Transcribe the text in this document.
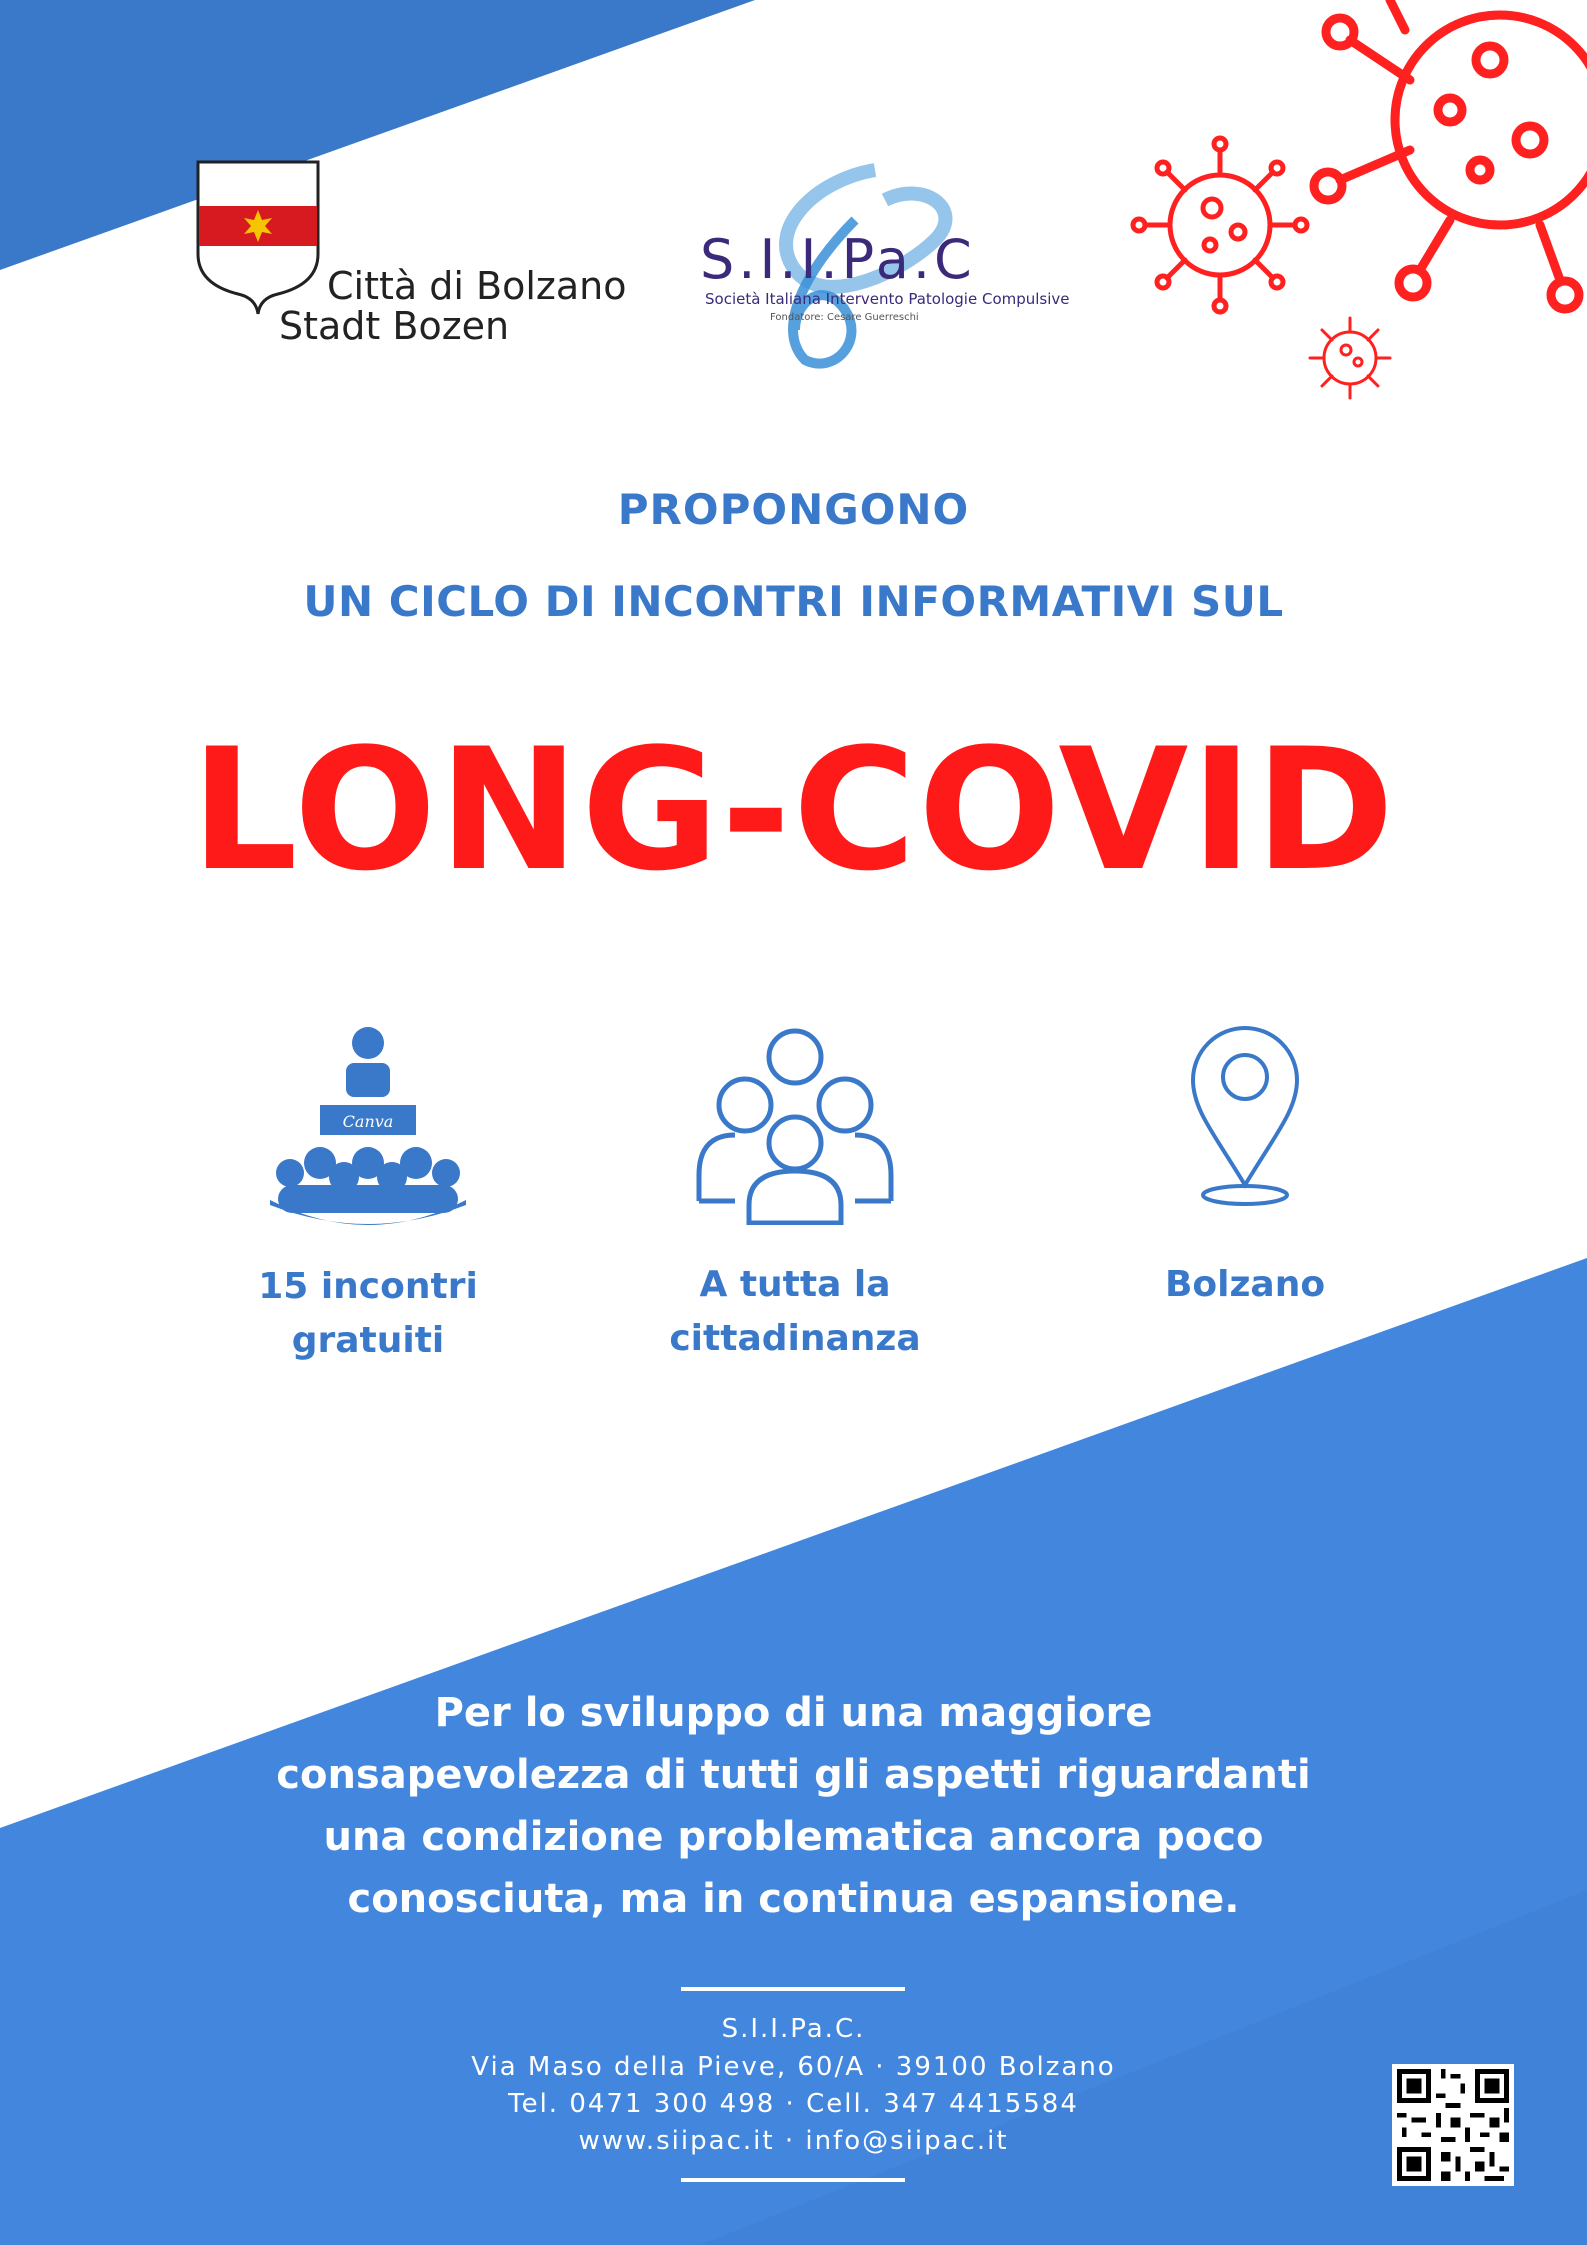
Città di Bolzano
Stadt Bozen
S.I.I.Pa.C
Società Italiana Intervento Patologie Compulsive
Fondatore: Cesare Guerreschi
PROPONGONO
UN CICLO DI INCONTRI INFORMATIVI SUL
LONG-COVID
Canva
15 incontri
gratuiti
A tutta la
cittadinanza
Bolzano
Per lo sviluppo di una maggiore
consapevolezza di tutti gli aspetti riguardanti
una condizione problematica ancora poco
conosciuta, ma in continua espansione.
S.I.I.Pa.C.
Via Maso della Pieve, 60/A · 39100 Bolzano
Tel. 0471 300 498 · Cell. 347 4415584
www.siipac.it · info@siipac.it
